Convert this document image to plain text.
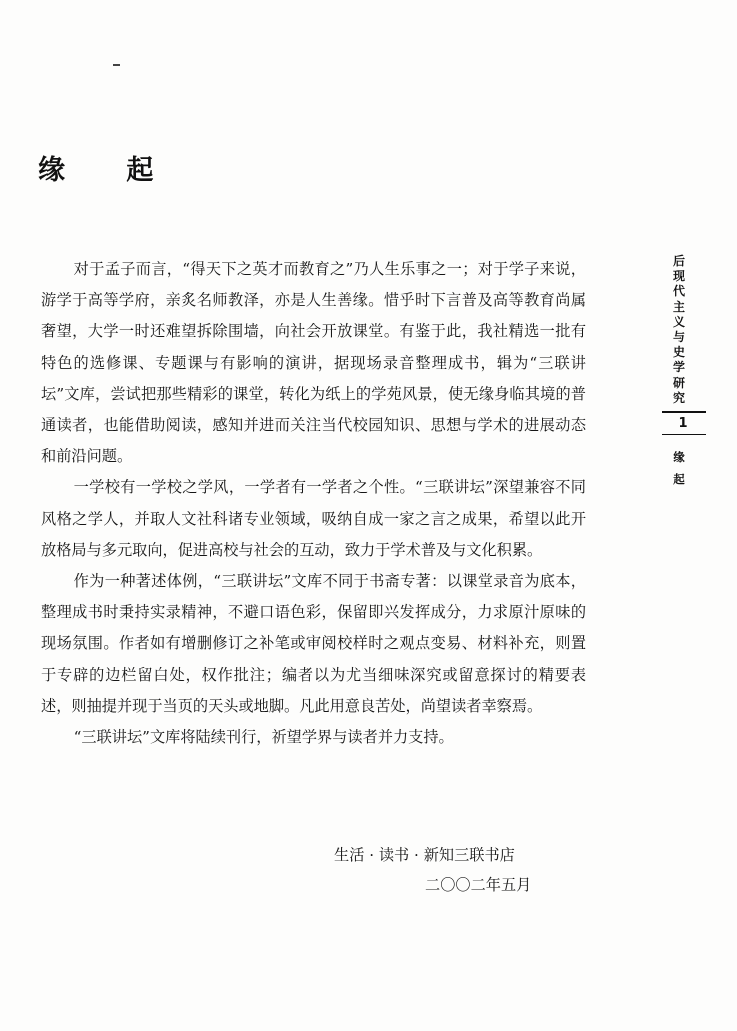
缘 起

对于孟子而言，“得天下之英才而教育之”乃人生乐事之一；对于学子来说，游学于高等学府，亲炙名师教泽，亦是人生善缘。惜乎时下言普及高等教育尚属奢望，大学一时还难望拆除围墙，向社会开放课堂。有鉴于此，我社精选一批有特色的选修课、专题课与有影响的演讲，据现场录音整理成书，辑为“三联讲坛”文库，尝试把那些精彩的课堂，转化为纸上的学苑风景，使无缘身临其境的普通读者，也能借助阅读，感知并进而关注当代校园知识、思想与学术的进展动态和前沿问题。

一学校有一学校之学风，一学者有一学者之个性。“三联讲坛”深望兼容不同风格之学人，并取人文社科诸专业领域，吸纳自成一家之言之成果，希望以此开放格局与多元取向，促进高校与社会的互动，致力于学术普及与文化积累。

作为一种著述体例，“三联讲坛”文库不同于书斋专著：以课堂录音为底本，整理成书时秉持实录精神，不避口语色彩，保留即兴发挥成分，力求原汁原味的现场氛围。作者如有增删修订之补笔或审阅校样时之观点变易、材料补充，则置于专辟的边栏留白处，权作批注；编者以为尤当细味深究或留意探讨的精要表述，则抽提并现于当页的天头或地脚。凡此用意良苦处，尚望读者幸察焉。

“三联讲坛”文库将陆续刊行，祈望学界与读者并力支持。

生活 · 读书 · 新知三联书店
二〇〇二年五月
后现代主义与史学研究
1
缘起
